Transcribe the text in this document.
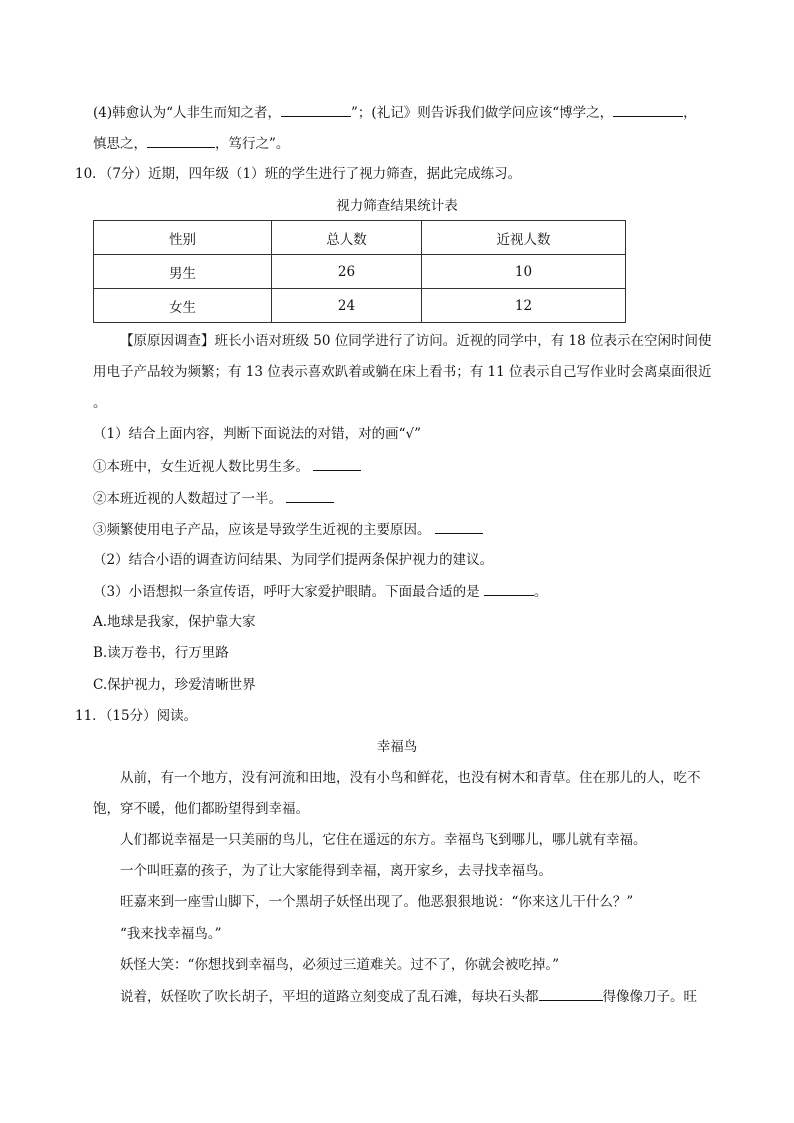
(4)韩愈认为“人非生而知之者，	”；(礼记》则告诉我们做学问应该“博学之，	，
慎思之，	，笃行之”。
10．（7分）近期，四年级（1）班的学生进行了视力筛查，据此完成练习。
视力筛查结果统计表
性别	总人数	近视人数
男生	26	10
女生	24	12
【原原因调查】班长小语对班级 50 位同学进行了访问。近视的同学中，有 18 位表示在空闲时间使
用电子产品较为频繁；有 13 位表示喜欢趴着或躺在床上看书；有 11 位表示自己写作业时会离桌面很近
。
（1）结合上面内容，判断下面说法的对错，对的画“√”
①本班中，女生近视人数比男生多。
②本班近视的人数超过了一半。
③频繁使用电子产品，应该是导致学生近视的主要原因。
（2）结合小语的调查访问结果、为同学们提两条保护视力的建议。
（3）小语想拟一条宣传语，呼吁大家爱护眼睛。下面最合适的是	。
A.地球是我家，保护靠大家
B.读万卷书，行万里路
C.保护视力，珍爱清晰世界
11．（15分）阅读。
幸福鸟
从前，有一个地方，没有河流和田地，没有小鸟和鲜花，也没有树木和青草。住在那儿的人，吃不
饱，穿不暖，他们都盼望得到幸福。
人们都说幸福是一只美丽的鸟儿，它住在遥远的东方。幸福鸟飞到哪儿，哪儿就有幸福。
一个叫旺嘉的孩子，为了让大家能得到幸福，离开家乡，去寻找幸福鸟。
旺嘉来到一座雪山脚下，一个黑胡子妖怪出现了。他恶狠狠地说：“你来这儿干什么？”
“我来找幸福鸟。”
妖怪大笑：“你想找到幸福鸟，必须过三道难关。过不了，你就会被吃掉。”
说着，妖怪吹了吹长胡子，平坦的道路立刻变成了乱石滩，每块石头都	得像像刀子。旺
